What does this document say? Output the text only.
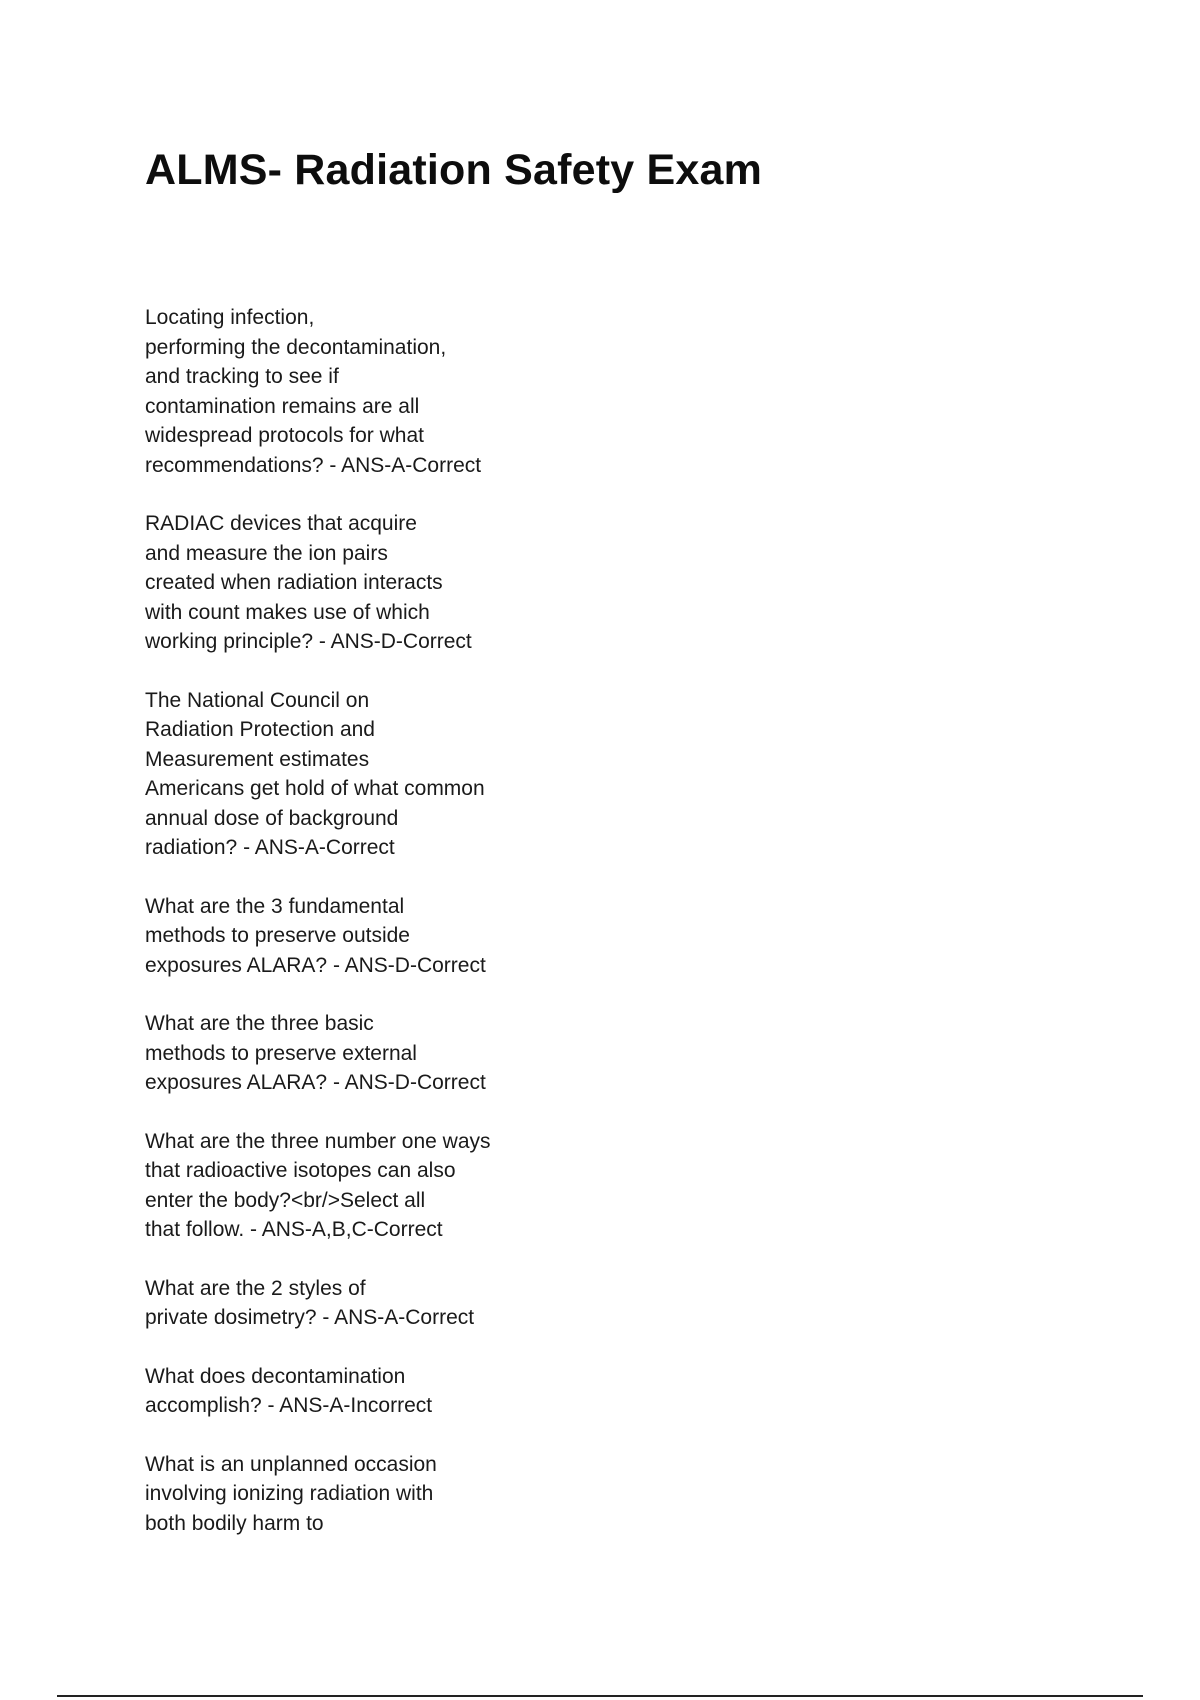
ALMS- Radiation Safety Exam
Locating infection,
performing the decontamination,
and tracking to see if
contamination remains are all
widespread protocols for what
recommendations? - ANS-A-Correct
RADIAC devices that acquire
and measure the ion pairs
created when radiation interacts
with count makes use of which
working principle? - ANS-D-Correct
The National Council on
Radiation Protection and
Measurement estimates
Americans get hold of what common
annual dose of background
radiation? - ANS-A-Correct
What are the 3 fundamental
methods to preserve outside
exposures ALARA? - ANS-D-Correct
What are the three basic
methods to preserve external
exposures ALARA? - ANS-D-Correct
What are the three number one ways
that radioactive isotopes can also
enter the body?<br/>Select all
that follow. - ANS-A,B,C-Correct
What are the 2 styles of
private dosimetry? - ANS-A-Correct
What does decontamination
accomplish? - ANS-A-Incorrect
What is an unplanned occasion
involving ionizing radiation with
both bodily harm to
